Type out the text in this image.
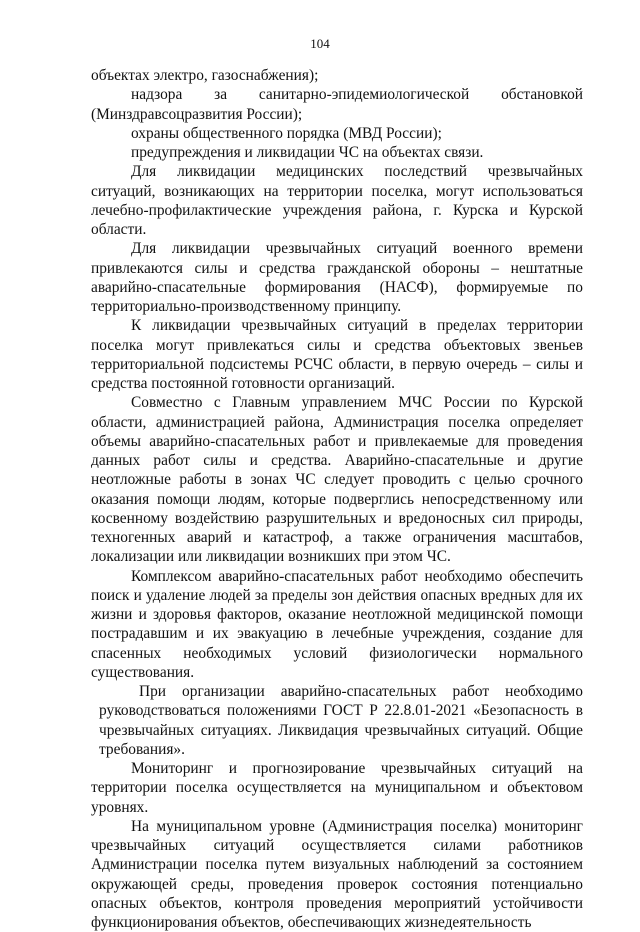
104

объектах электро, газоснабжения);

надзора за санитарно-эпидемиологической обстановкой (Минздравсоцразвития России);

охраны общественного порядка (МВД России);

предупреждения и ликвидации ЧС на объектах связи.

Для ликвидации медицинских последствий чрезвычайных ситуаций, возникающих на территории поселка, могут использоваться лечебно-профилактические учреждения района, г. Курска и Курской области.

Для ликвидации чрезвычайных ситуаций военного времени привлекаются силы и средства гражданской обороны – нештатные аварийно-спасательные формирования (НАСФ), формируемые по территориально-производственному принципу.

К ликвидации чрезвычайных ситуаций в пределах территории поселка могут привлекаться силы и средства объектовых звеньев территориальной подсистемы РСЧС области, в первую очередь – силы и средства постоянной готовности организаций.

Совместно с Главным управлением МЧС России по Курской области, администрацией района, Администрация поселка определяет объемы аварийно-спасательных работ и привлекаемые для проведения данных работ силы и средства. Аварийно-спасательные и другие неотложные работы в зонах ЧС следует проводить с целью срочного оказания помощи людям, которые подверглись непосредственному или косвенному воздействию разрушительных и вредоносных сил природы, техногенных аварий и катастроф, а также ограничения масштабов, локализации или ликвидации возникших при этом ЧС.

Комплексом аварийно-спасательных работ необходимо обеспечить поиск и удаление людей за пределы зон действия опасных вредных для их жизни и здоровья факторов, оказание неотложной медицинской помощи пострадавшим и их эвакуацию в лечебные учреждения, создание для спасенных необходимых условий физиологически нормального существования.

При организации аварийно-спасательных работ необходимо руководствоваться положениями ГОСТ Р 22.8.01-2021 «Безопасность в чрезвычайных ситуациях. Ликвидация чрезвычайных ситуаций. Общие требования».

Мониторинг и прогнозирование чрезвычайных ситуаций на территории поселка осуществляется на муниципальном и объектовом уровнях.

На муниципальном уровне (Администрация поселка) мониторинг чрезвычайных ситуаций осуществляется силами работников Администрации поселка путем визуальных наблюдений за состоянием окружающей среды, проведения проверок состояния потенциально опасных объектов, контроля проведения мероприятий устойчивости функционирования объектов, обеспечивающих жизнедеятельность
